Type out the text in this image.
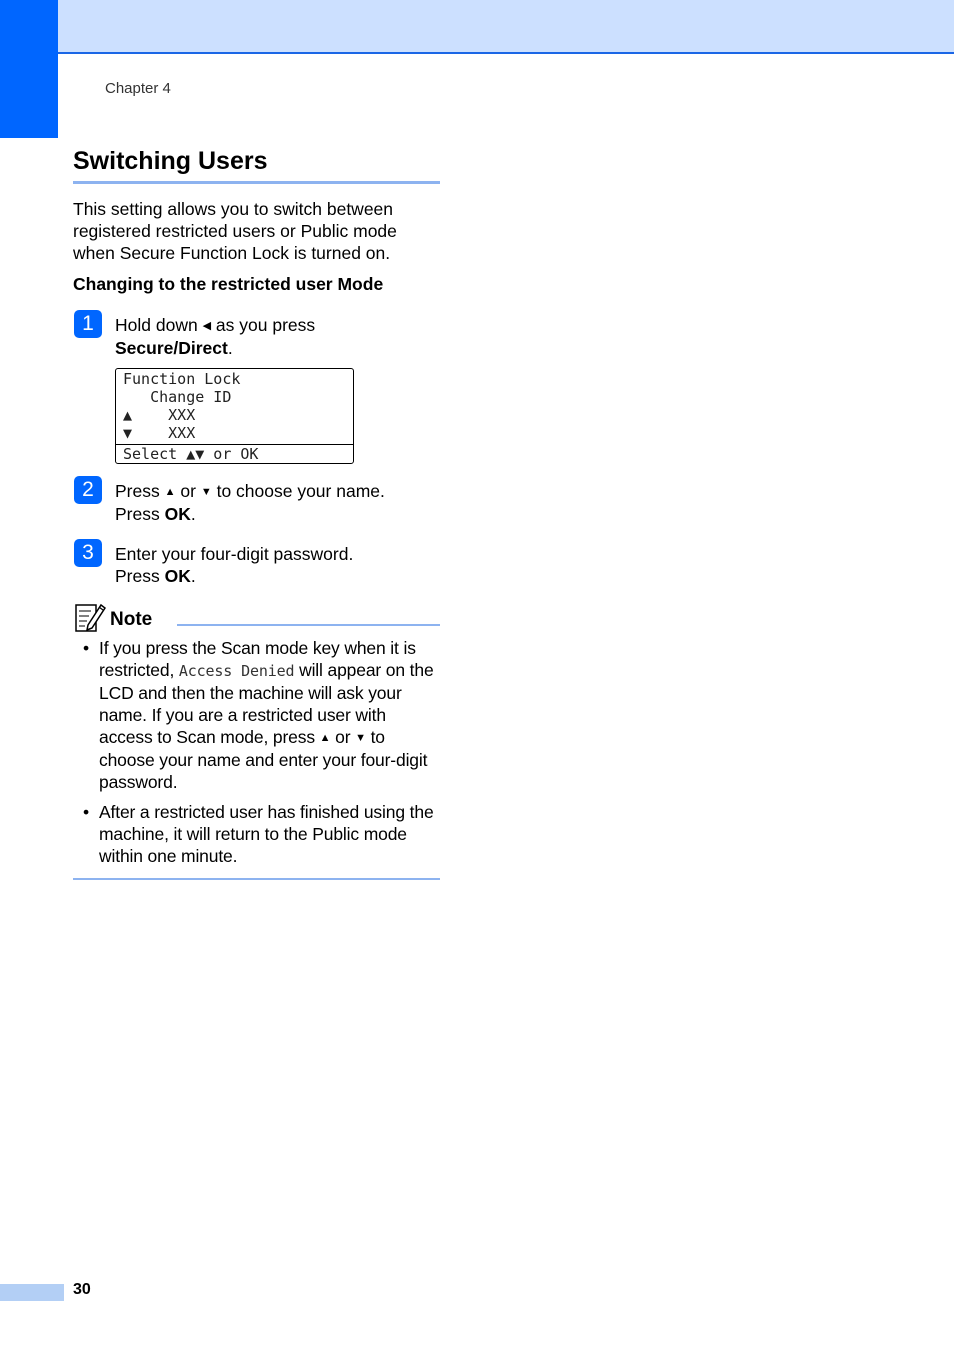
Chapter 4
Switching Users
This setting allows you to switch between registered restricted users or Public mode when Secure Function Lock is turned on.
Changing to the restricted user Mode
1	Hold down ◀ as you press
Secure/Direct.
Function Lock
Change ID
▲    XXX
▼    XXX
Select ▲▼ or OK
2	Press ▲ or ▼ to choose your name.
Press OK.
3	Enter your four-digit password.
Press OK.
Note
• If you press the Scan mode key when it is restricted, Access Denied will appear on the LCD and then the machine will ask your name. If you are a restricted user with access to Scan mode, press ▲ or ▼ to choose your name and enter your four-digit password.
• After a restricted user has finished using the machine, it will return to the Public mode within one minute.
30
